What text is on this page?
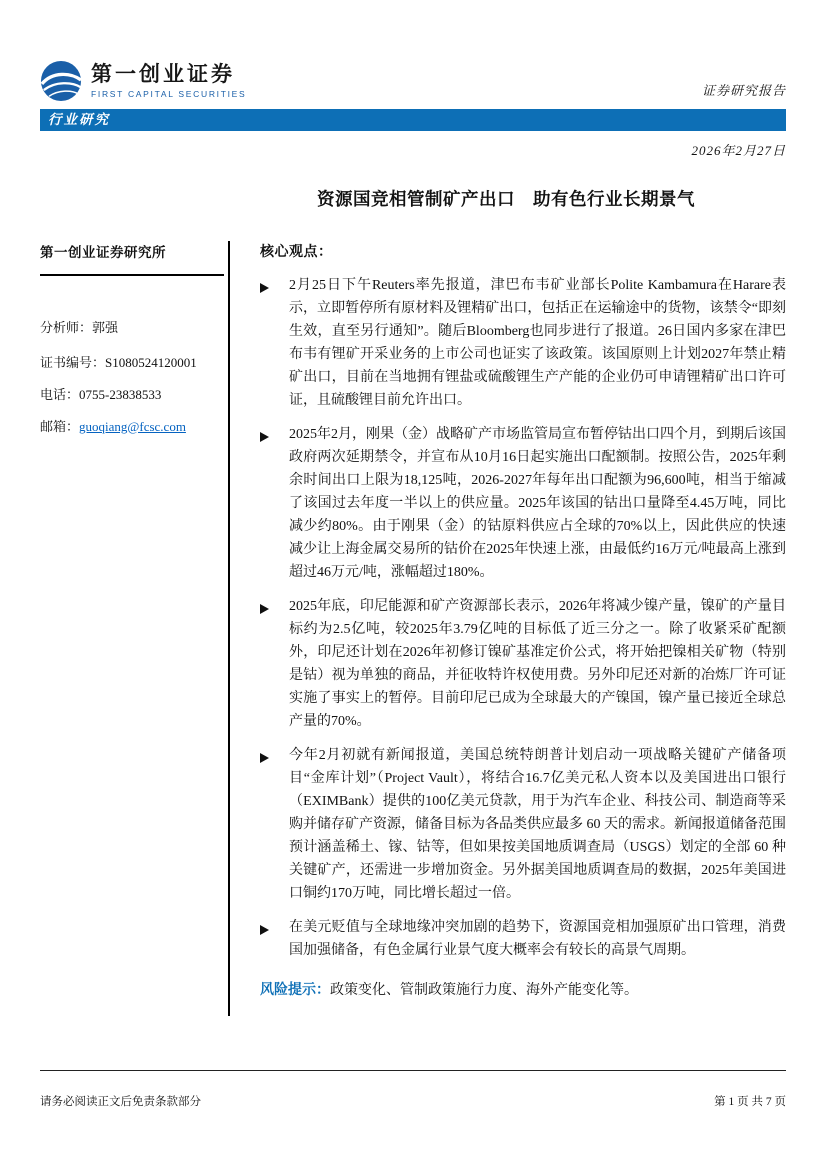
第一创业证券
FIRST CAPITAL SECURITIES	证券研究报告
行业研究
2026年2月27日
资源国竞相管制矿产出口　助有色行业长期景气
第一创业证券研究所
分析师：郭强
证书编号：S1080524120001
电话：0755-23838533
邮箱：guoqiang@fcsc.com
核心观点：

2月25日下午Reuters率先报道，津巴布韦矿业部长Polite Kambamura在Harare表示，立即暂停所有原材料及锂精矿出口，包括正在运输途中的货物，该禁令“即刻生效，直至另行通知”。随后Bloomberg也同步进行了报道。26日国内多家在津巴布韦有锂矿开采业务的上市公司也证实了该政策。该国原则上计划2027年禁止精矿出口，目前在当地拥有锂盐或硫酸锂生产产能的企业仍可申请锂精矿出口许可证，且硫酸锂目前允许出口。

2025年2月，刚果（金）战略矿产市场监管局宣布暂停钴出口四个月，到期后该国政府两次延期禁令，并宣布从10月16日起实施出口配额制。按照公告，2025年剩余时间出口上限为18,125吨，2026-2027年每年出口配额为96,600吨，相当于缩减了该国过去年度一半以上的供应量。2025年该国的钴出口量降至4.45万吨，同比减少约80%。由于刚果（金）的钴原料供应占全球的70%以上，因此供应的快速减少让上海金属交易所的钴价在2025年快速上涨，由最低约16万元/吨最高上涨到超过46万元/吨，涨幅超过180%。

2025年底，印尼能源和矿产资源部长表示，2026年将减少镍产量，镍矿的产量目标约为2.5亿吨，较2025年3.79亿吨的目标低了近三分之一。除了收紧采矿配额外，印尼还计划在2026年初修订镍矿基准定价公式，将开始把镍相关矿物（特别是钴）视为单独的商品，并征收特许权使用费。另外印尼还对新的冶炼厂许可证实施了事实上的暂停。目前印尼已成为全球最大的产镍国，镍产量已接近全球总产量的70%。

今年2月初就有新闻报道，美国总统特朗普计划启动一项战略关键矿产储备项目“金库计划”（Project Vault），将结合16.7亿美元私人资本以及美国进出口银行（EXIMBank）提供的100亿美元贷款，用于为汽车企业、科技公司、制造商等采购并储存矿产资源，储备目标为各品类供应最多 60 天的需求。新闻报道储备范围预计涵盖稀土、镓、钴等，但如果按美国地质调查局（USGS）划定的全部 60 种关键矿产，还需进一步增加资金。另外据美国地质调查局的数据，2025年美国进口铜约170万吨，同比增长超过一倍。

在美元贬值与全球地缘冲突加剧的趋势下，资源国竞相加强原矿出口管理，消费国加强储备，有色金属行业景气度大概率会有较长的高景气周期。

风险提示：政策变化、管制政策施行力度、海外产能变化等。

请务必阅读正文后免责条款部分	第 1 页 共 7 页
